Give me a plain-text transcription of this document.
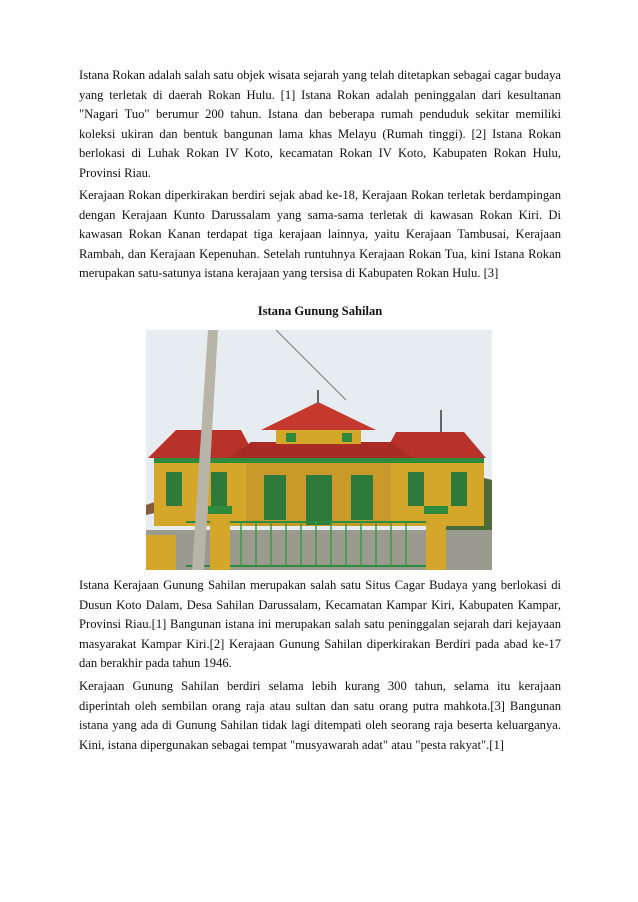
Istana Rokan adalah salah satu objek wisata sejarah yang telah ditetapkan sebagai cagar budaya yang terletak di daerah Rokan Hulu. [1] Istana Rokan adalah peninggalan dari kesultanan "Nagari Tuo" berumur 200 tahun. Istana dan beberapa rumah penduduk sekitar memiliki koleksi ukiran dan bentuk bangunan lama khas Melayu (Rumah tinggi). [2] Istana Rokan berlokasi di Luhak Rokan IV Koto, kecamatan Rokan IV Koto, Kabupaten Rokan Hulu, Provinsi Riau.

Kerajaan Rokan diperkirakan berdiri sejak abad ke-18, Kerajaan Rokan terletak berdampingan dengan Kerajaan Kunto Darussalam yang sama-sama terletak di kawasan Rokan Kiri. Di kawasan Rokan Kanan terdapat tiga kerajaan lainnya, yaitu Kerajaan Tambusai, Kerajaan Rambah, dan Kerajaan Kepenuhan. Setelah runtuhnya Kerajaan Rokan Tua, kini Istana Rokan merupakan satu-satunya istana kerajaan yang tersisa di Kabupaten Rokan Hulu. [3]

Istana Gunung Sahilan

Istana Kerajaan Gunung Sahilan merupakan salah satu Situs Cagar Budaya yang berlokasi di Dusun Koto Dalam, Desa Sahilan Darussalam, Kecamatan Kampar Kiri, Kabupaten Kampar, Provinsi Riau.[1] Bangunan istana ini merupakan salah satu peninggalan sejarah dari kejayaan masyarakat Kampar Kiri.[2] Kerajaan Gunung Sahilan diperkirakan Berdiri pada abad ke-17 dan berakhir pada tahun 1946.

Kerajaan Gunung Sahilan berdiri selama lebih kurang 300 tahun, selama itu kerajaan diperintah oleh sembilan orang raja atau sultan dan satu orang putra mahkota.[3] Bangunan istana yang ada di Gunung Sahilan tidak lagi ditempati oleh seorang raja beserta keluarganya. Kini, istana dipergunakan sebagai tempat "musyawarah adat" atau "pesta rakyat".[1]
